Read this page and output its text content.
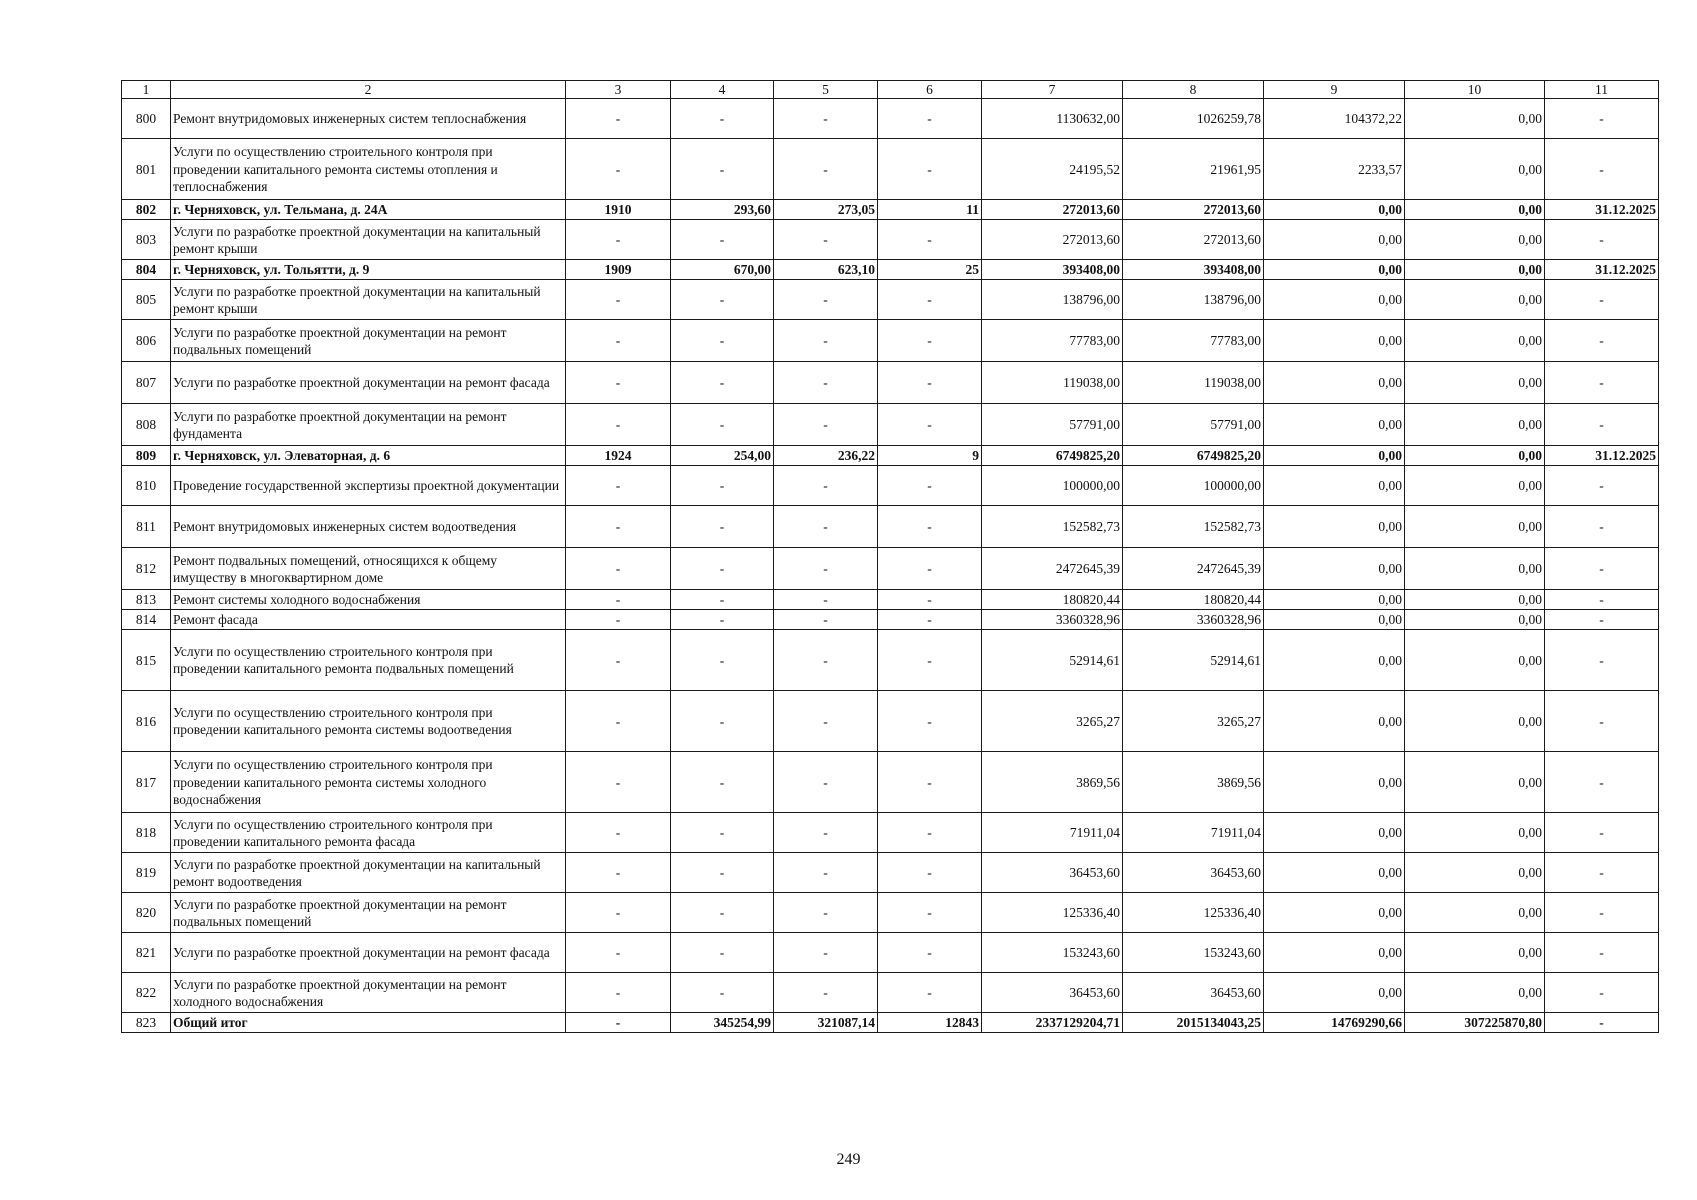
1	2	3	4	5	6	7	8	9	10	11
800	Ремонт внутридомовых инженерных систем теплоснабжения	-	-	-	-	1130632,00	1026259,78	104372,22	0,00	-
801	Услуги по осуществлению строительного контроля при проведении капитального ремонта системы отопления и теплоснабжения	-	-	-	-	24195,52	21961,95	2233,57	0,00	-
802	г. Черняховск, ул. Тельмана, д. 24А	1910	293,60	273,05	11	272013,60	272013,60	0,00	0,00	31.12.2025
803	Услуги по разработке проектной документации на капитальный ремонт крыши	-	-	-	-	272013,60	272013,60	0,00	0,00	-
804	г. Черняховск, ул. Тольятти, д. 9	1909	670,00	623,10	25	393408,00	393408,00	0,00	0,00	31.12.2025
805	Услуги по разработке проектной документации на капитальный ремонт крыши	-	-	-	-	138796,00	138796,00	0,00	0,00	-
806	Услуги по разработке проектной документации на ремонт подвальных помещений	-	-	-	-	77783,00	77783,00	0,00	0,00	-
807	Услуги по разработке проектной документации на ремонт фасада	-	-	-	-	119038,00	119038,00	0,00	0,00	-
808	Услуги по разработке проектной документации на ремонт фундамента	-	-	-	-	57791,00	57791,00	0,00	0,00	-
809	г. Черняховск, ул. Элеваторная, д. 6	1924	254,00	236,22	9	6749825,20	6749825,20	0,00	0,00	31.12.2025
810	Проведение государственной экспертизы проектной документации	-	-	-	-	100000,00	100000,00	0,00	0,00	-
811	Ремонт внутридомовых инженерных систем водоотведения	-	-	-	-	152582,73	152582,73	0,00	0,00	-
812	Ремонт подвальных помещений, относящихся к общему имуществу в многоквартирном доме	-	-	-	-	2472645,39	2472645,39	0,00	0,00	-
813	Ремонт системы холодного водоснабжения	-	-	-	-	180820,44	180820,44	0,00	0,00	-
814	Ремонт фасада	-	-	-	-	3360328,96	3360328,96	0,00	0,00	-
815	Услуги по осуществлению строительного контроля при проведении капитального ремонта подвальных помещений	-	-	-	-	52914,61	52914,61	0,00	0,00	-
816	Услуги по осуществлению строительного контроля при проведении капитального ремонта системы водоотведения	-	-	-	-	3265,27	3265,27	0,00	0,00	-
817	Услуги по осуществлению строительного контроля при проведении капитального ремонта системы холодного водоснабжения	-	-	-	-	3869,56	3869,56	0,00	0,00	-
818	Услуги по осуществлению строительного контроля при проведении капитального ремонта фасада	-	-	-	-	71911,04	71911,04	0,00	0,00	-
819	Услуги по разработке проектной документации на капитальный ремонт водоотведения	-	-	-	-	36453,60	36453,60	0,00	0,00	-
820	Услуги по разработке проектной документации на ремонт подвальных помещений	-	-	-	-	125336,40	125336,40	0,00	0,00	-
821	Услуги по разработке проектной документации на ремонт фасада	-	-	-	-	153243,60	153243,60	0,00	0,00	-
822	Услуги по разработке проектной документации на ремонт холодного водоснабжения	-	-	-	-	36453,60	36453,60	0,00	0,00	-
823	Общий итог	-	345254,99	321087,14	12843	2337129204,71	2015134043,25	14769290,66	307225870,80	-
249
